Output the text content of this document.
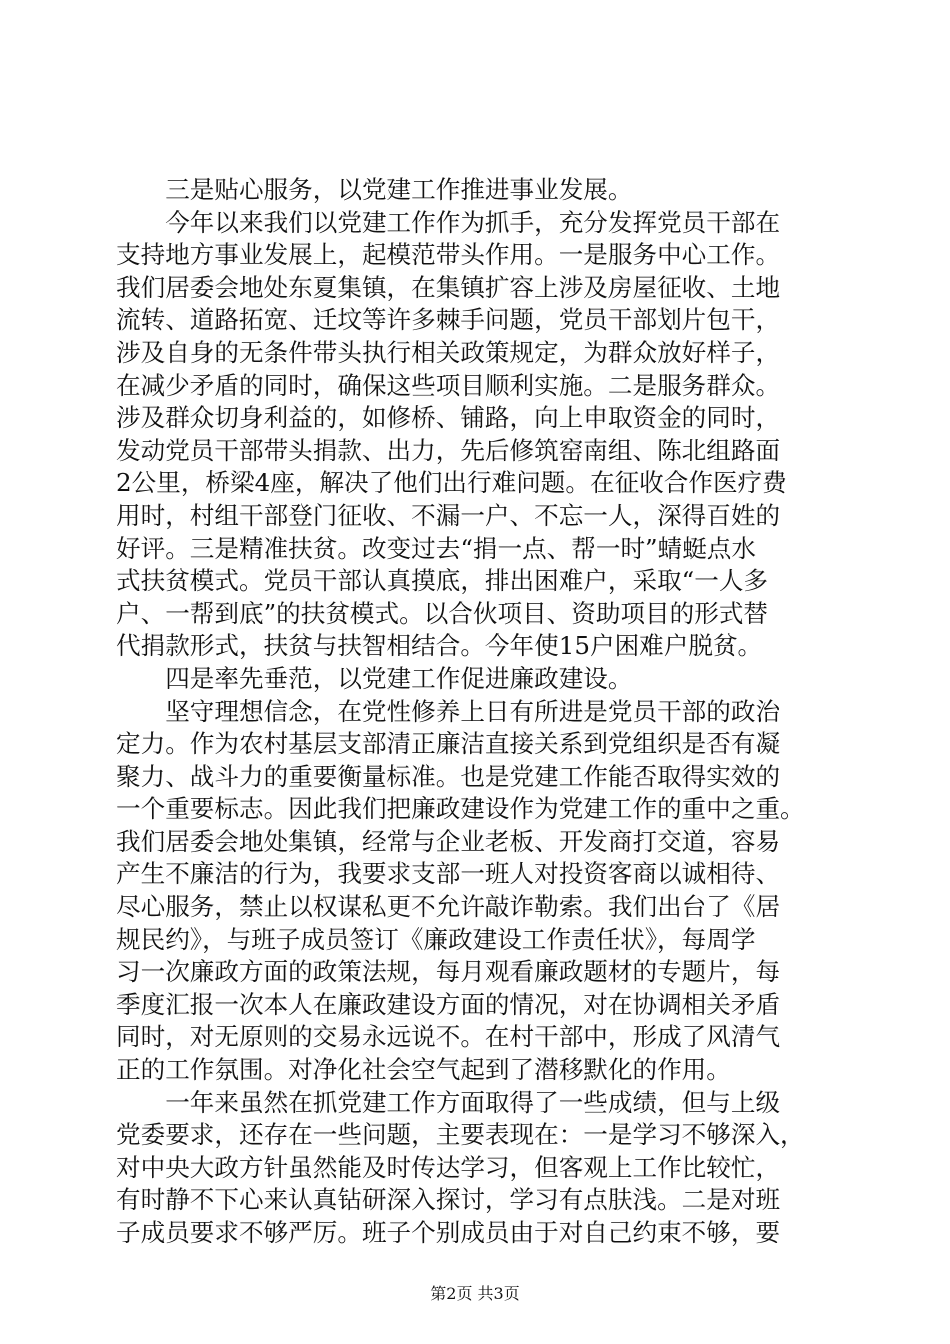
　　三是贴心服务，以党建工作推进事业发展。
　　今年以来我们以党建工作作为抓手，充分发挥党员干部在
支持地方事业发展上，起模范带头作用。一是服务中心工作。
我们居委会地处东夏集镇，在集镇扩容上涉及房屋征收、土地
流转、道路拓宽、迁坟等许多棘手问题，党员干部划片包干，
涉及自身的无条件带头执行相关政策规定，为群众放好样子，
在减少矛盾的同时，确保这些项目顺利实施。二是服务群众。
涉及群众切身利益的，如修桥、铺路，向上申取资金的同时，
发动党员干部带头捐款、出力，先后修筑窑南组、陈北组路面
2公里，桥梁4座，解决了他们出行难问题。在征收合作医疗费
用时，村组干部登门征收、不漏一户、不忘一人，深得百姓的
好评。三是精准扶贫。改变过去“捐一点、帮一时”蜻蜓点水
式扶贫模式。党员干部认真摸底，排出困难户，采取“一人多
户、一帮到底”的扶贫模式。以合伙项目、资助项目的形式替
代捐款形式，扶贫与扶智相结合。今年使15户困难户脱贫。
　　四是率先垂范，以党建工作促进廉政建设。
　　坚守理想信念，在党性修养上日有所进是党员干部的政治
定力。作为农村基层支部清正廉洁直接关系到党组织是否有凝
聚力、战斗力的重要衡量标准。也是党建工作能否取得实效的
一个重要标志。因此我们把廉政建设作为党建工作的重中之重。
我们居委会地处集镇，经常与企业老板、开发商打交道，容易
产生不廉洁的行为，我要求支部一班人对投资客商以诚相待、
尽心服务，禁止以权谋私更不允许敲诈勒索。我们出台了《居
规民约》，与班子成员签订《廉政建设工作责任状》，每周学
习一次廉政方面的政策法规，每月观看廉政题材的专题片，每
季度汇报一次本人在廉政建设方面的情况，对在协调相关矛盾
同时，对无原则的交易永远说不。在村干部中，形成了风清气
正的工作氛围。对净化社会空气起到了潜移默化的作用。
　　一年来虽然在抓党建工作方面取得了一些成绩，但与上级
党委要求，还存在一些问题，主要表现在：一是学习不够深入，
对中央大政方针虽然能及时传达学习，但客观上工作比较忙，
有时静不下心来认真钻研深入探讨，学习有点肤浅。二是对班
子成员要求不够严厉。班子个别成员由于对自己约束不够，要
第2页 共3页
